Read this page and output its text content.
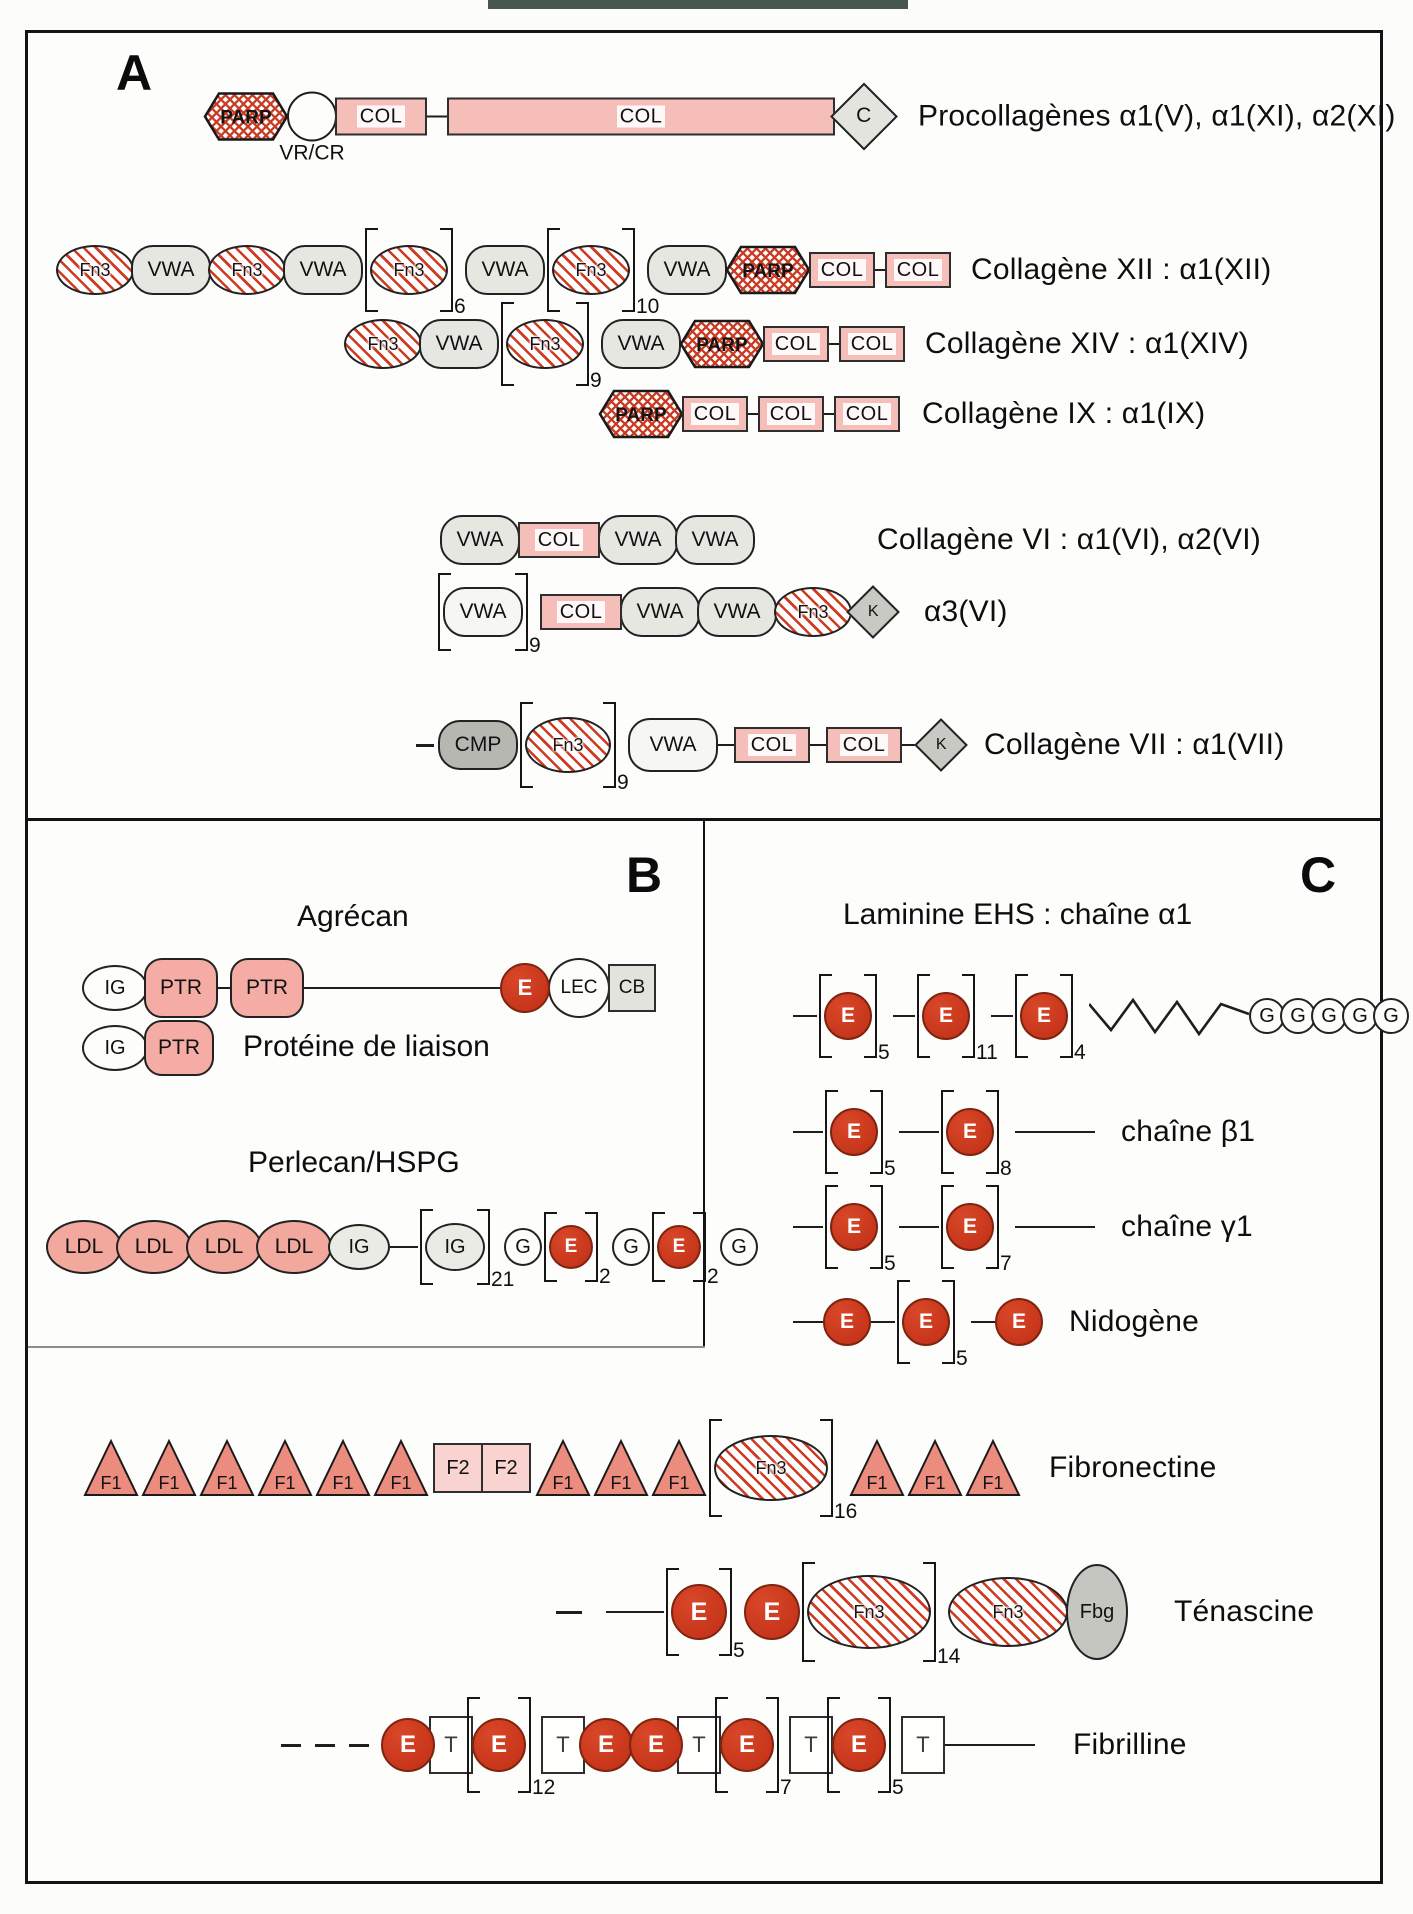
PARP
VR/CR
COL	COL	C Procollagènes α1(V), α1(XI), α2(XI)
Fn3 VWA Fn3 VWA	Fn3
6
VWA	Fn3
10
VWA PARP COL COL Collagène XII : α1(XII)
Fn3 VWA	Fn3
9
VWA PARP COL COL Collagène XIV : α1(XIV)
PARP COL COL COL Collagène IX : α1(IX)
VWA COL VWA VWA	Collagène VI : α1(VI), α2(VI)
VWA
9
COL VWA VWA Fn3 K α3(VI)
CMP	Fn3
9
VWA	COL COL	K Collagène VII : α1(VII)
IG PTR PTR	E LEC CB
IG PTR
LDL LDL LDL LDL IG	IG
21
G E
2
G E
2
G
E
5
E
11
E
4
G G G G G
E
5
E
8
chaîne β1
E
5
E
7
chaîne γ1
E	E
5
E Nidogène
F1 F1 F1 F1 F1 F1
F2 F2
F1 F1 F1
Fn3
16
F1 F1 F1 Fibronectine
E
5
E	Fn3
14
Fn3	Fbg Ténascine
E T E
12
T E E T E
7
T E
5
T	Fibrilline
A
B	C
Agrécan
Protéine de liaison
Perlecan/HSPG
Laminine EHS : chaîne α1
